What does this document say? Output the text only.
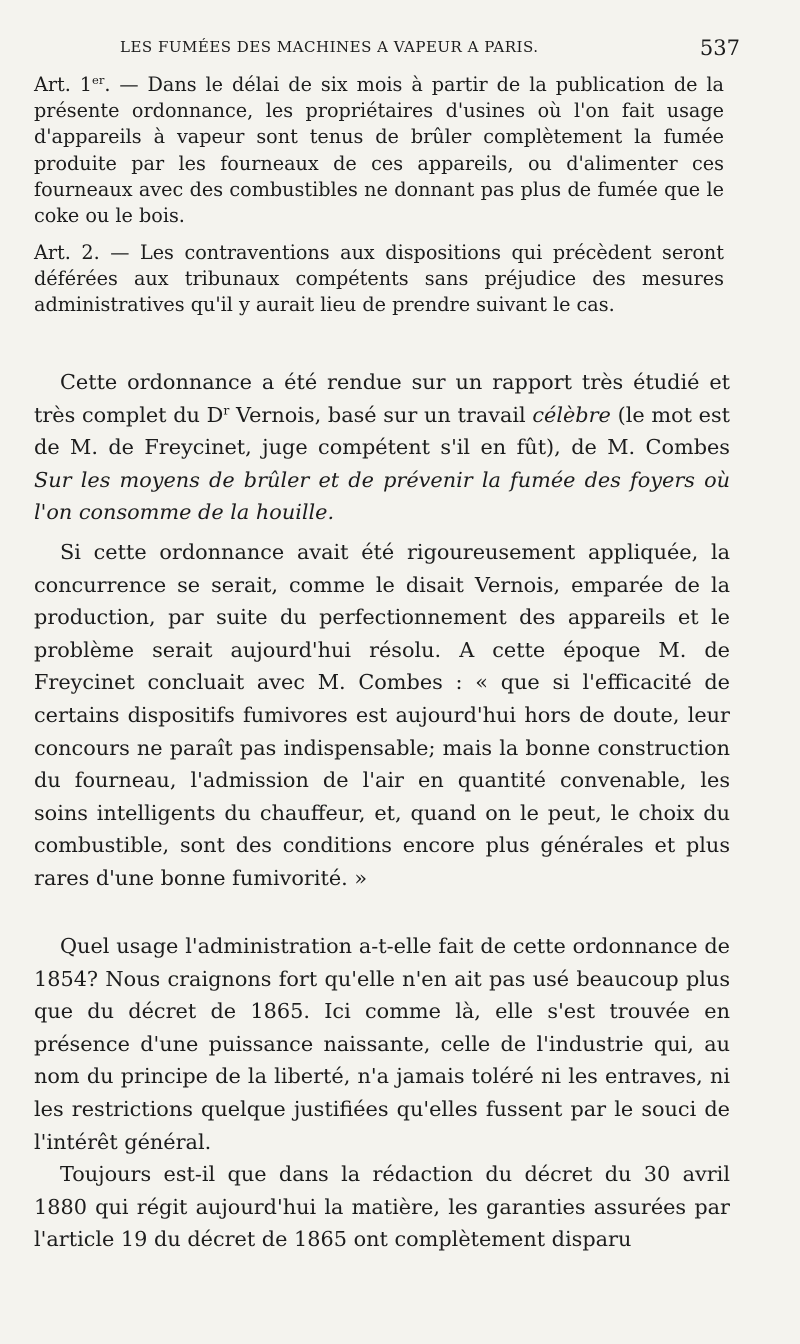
LES FUMÉES DES MACHINES A VAPEUR A PARIS.	537

Art. 1er. — Dans le délai de six mois à partir de la publication de la présente ordonnance, les propriétaires d'usines où l'on fait usage d'appareils à vapeur sont tenus de brûler complètement la fumée produite par les fourneaux de ces appareils, ou d'alimenter ces fourneaux avec des combustibles ne donnant pas plus de fumée que le coke ou le bois.

Art. 2. — Les contraventions aux dispositions qui précèdent seront déférées aux tribunaux compétents sans préjudice des mesures administratives qu'il y aurait lieu de prendre suivant le cas.

Cette ordonnance a été rendue sur un rapport très étudié et très complet du $D^r$ Vernois, basé sur un travail célèbre (le mot est de M. de Freycinet, juge compétent s'il en fût), de M. Combes Sur les moyens de brûler et de prévenir la fumée des foyers où l'on consomme de la houille.

Si cette ordonnance avait été rigoureusement appliquée, la concurrence se serait, comme le disait Vernois, emparée de la production, par suite du perfectionnement des appareils et le problème serait aujourd'hui résolu. A cette époque M. de Freycinet concluait avec M. Combes : « que si l'efficacité de certains dispositifs fumivores est aujourd'hui hors de doute, leur concours ne paraît pas indispensable; mais la bonne construction du fourneau, l'admission de l'air en quantité convenable, les soins intelligents du chauffeur, et, quand on le peut, le choix du combustible, sont des conditions encore plus générales et plus rares d'une bonne fumivorité. »

Quel usage l'administration a-t-elle fait de cette ordonnance de 1854? Nous craignons fort qu'elle n'en ait pas usé beaucoup plus que du décret de 1865. Ici comme là, elle s'est trouvée en présence d'une puissance naissante, celle de l'industrie qui, au nom du principe de la liberté, n'a jamais toléré ni les entraves, ni les restrictions quelque justifiées qu'elles fussent par le souci de l'intérêt général.

Toujours est-il que dans la rédaction du décret du 30 avril 1880 qui régit aujourd'hui la matière, les garanties assurées par l'article 19 du décret de 1865 ont complètement disparu
